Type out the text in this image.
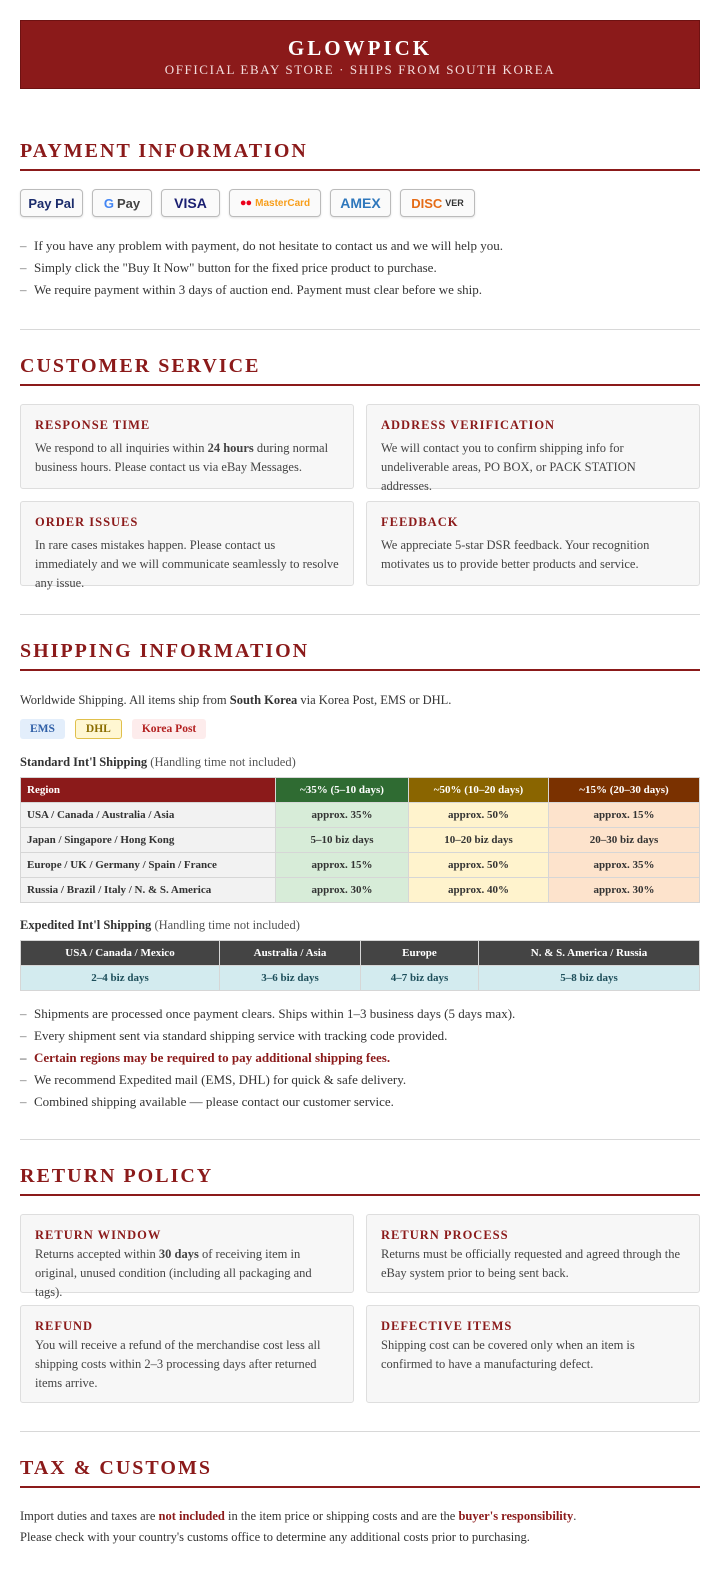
GLOWPICK
OFFICIAL EBAY STORE · SHIPS FROM SOUTH KOREA
PAYMENT INFORMATION
Pay Pal G Pay VISA	●● MasterCard AMEX DISC VER
– If you have any problem with payment, do not hesitate to contact us and we will help you.
– Simply click the "Buy It Now" button for the fixed price product to purchase.
– We require payment within 3 days of auction end. Payment must clear before we ship.
CUSTOMER SERVICE
RESPONSE TIME

We respond to all inquiries within 24 hours during normal business hours. Please contact us via eBay Messages.

ADDRESS VERIFICATION

We will contact you to confirm shipping info for undeliverable areas, PO BOX, or PACK STATION addresses.

ORDER ISSUES

In rare cases mistakes happen. Please contact us immediately and we will communicate seamlessly to resolve any issue.

FEEDBACK

We appreciate 5-star DSR feedback. Your recognition motivates us to provide better products and service.

SHIPPING INFORMATION

Worldwide Shipping. All items ship from South Korea via Korea Post, EMS or DHL.

EMS	DHL	Korea Post
Standard Int'l Shipping (Handling time not included)
Region	~35% (5–10 days)	~50% (10–20 days)	~15% (20–30 days)
USA / Canada / Australia / Asia	approx. 35%	approx. 50%	approx. 15%
Japan / Singapore / Hong Kong	5–10 biz days	10–20 biz days	20–30 biz days
Europe / UK / Germany / Spain / France	approx. 15%	approx. 50%	approx. 35%
Russia / Brazil / Italy / N. & S. America	approx. 30%	approx. 40%	approx. 30%
Expedited Int'l Shipping (Handling time not included)
USA / Canada / Mexico	Australia / Asia	Europe	N. & S. America / Russia
2–4 biz days	3–6 biz days	4–7 biz days	5–8 biz days
– Shipments are processed once payment clears. Ships within 1–3 business days (5 days max).
– Every shipment sent via standard shipping service with tracking code provided.
– Certain regions may be required to pay additional shipping fees.
– We recommend Expedited mail (EMS, DHL) for quick & safe delivery.
– Combined shipping available — please contact our customer service.
RETURN POLICY
RETURN WINDOW

Returns accepted within 30 days of receiving item in original, unused condition (including all packaging and tags).

RETURN PROCESS

Returns must be officially requested and agreed through the eBay system prior to being sent back.

REFUND

You will receive a refund of the merchandise cost less all shipping costs within 2–3 processing days after returned items arrive.

DEFECTIVE ITEMS

Shipping cost can be covered only when an item is confirmed to have a manufacturing defect.

TAX & CUSTOMS

Import duties and taxes are not included in the item price or shipping costs and are the buyer's responsibility.

Please check with your country's customs office to determine any additional costs prior to purchasing.
